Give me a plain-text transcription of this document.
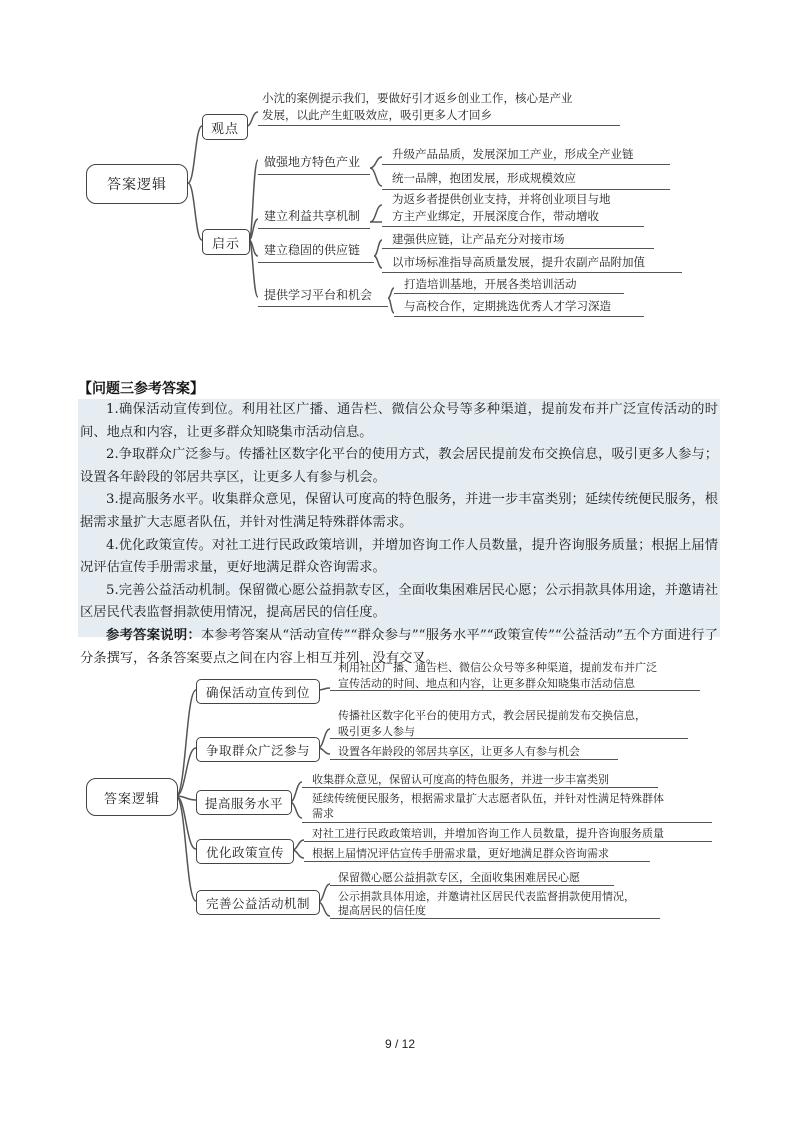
答案逻辑
观点
小沈的案例提示我们，要做好引才返乡创业工作，核心是产业
发展，以此产生虹吸效应，吸引更多人才回乡
启示
做强地方特色产业
升级产品品质，发展深加工产业，形成全产业链
统一品牌，抱团发展，形成规模效应
建立利益共享机制
为返乡者提供创业支持，并将创业项目与地
方主产业绑定，开展深度合作，带动增收
建立稳固的供应链
建强供应链，让产品充分对接市场
以市场标准指导高质量发展，提升农副产品附加值
提供学习平台和机会
打造培训基地，开展各类培训活动
与高校合作，定期挑选优秀人才学习深造
【问题三参考答案】

1.确保活动宣传到位。利用社区广播、通告栏、微信公众号等多种渠道，提前发布并广泛宣传活动的时间、地点和内容，让更多群众知晓集市活动信息。

2.争取群众广泛参与。传播社区数字化平台的使用方式，教会居民提前发布交换信息，吸引更多人参与；设置各年龄段的邻居共享区，让更多人有参与机会。

3.提高服务水平。收集群众意见，保留认可度高的特色服务，并进一步丰富类别；延续传统便民服务，根据需求量扩大志愿者队伍，并针对性满足特殊群体需求。

4.优化政策宣传。对社工进行民政政策培训，并增加咨询工作人员数量，提升咨询服务质量；根据上届情况评估宣传手册需求量，更好地满足群众咨询需求。

5.完善公益活动机制。保留微心愿公益捐款专区，全面收集困难居民心愿；公示捐款具体用途，并邀请社区居民代表监督捐款使用情况，提高居民的信任度。

参考答案说明：本参考答案从“活动宣传”“群众参与”“服务水平”“政策宣传”“公益活动”五个方面进行了分条撰写，各条答案要点之间在内容上相互并列，没有交叉。

答案逻辑
确保活动宣传到位
利用社区广播、通告栏、微信公众号等多种渠道，提前发布并广泛
宣传活动的时间、地点和内容，让更多群众知晓集市活动信息
争取群众广泛参与
传播社区数字化平台的使用方式，教会居民提前发布交换信息，
吸引更多人参与
设置各年龄段的邻居共享区，让更多人有参与机会
提高服务水平
收集群众意见，保留认可度高的特色服务，并进一步丰富类别
延续传统便民服务，根据需求量扩大志愿者队伍，并针对性满足特殊群体
需求
优化政策宣传
对社工进行民政政策培训，并增加咨询工作人员数量，提升咨询服务质量
根据上届情况评估宣传手册需求量，更好地满足群众咨询需求
完善公益活动机制
保留微心愿公益捐款专区，全面收集困难居民心愿
公示捐款具体用途，并邀请社区居民代表监督捐款使用情况，
提高居民的信任度
9 / 12
